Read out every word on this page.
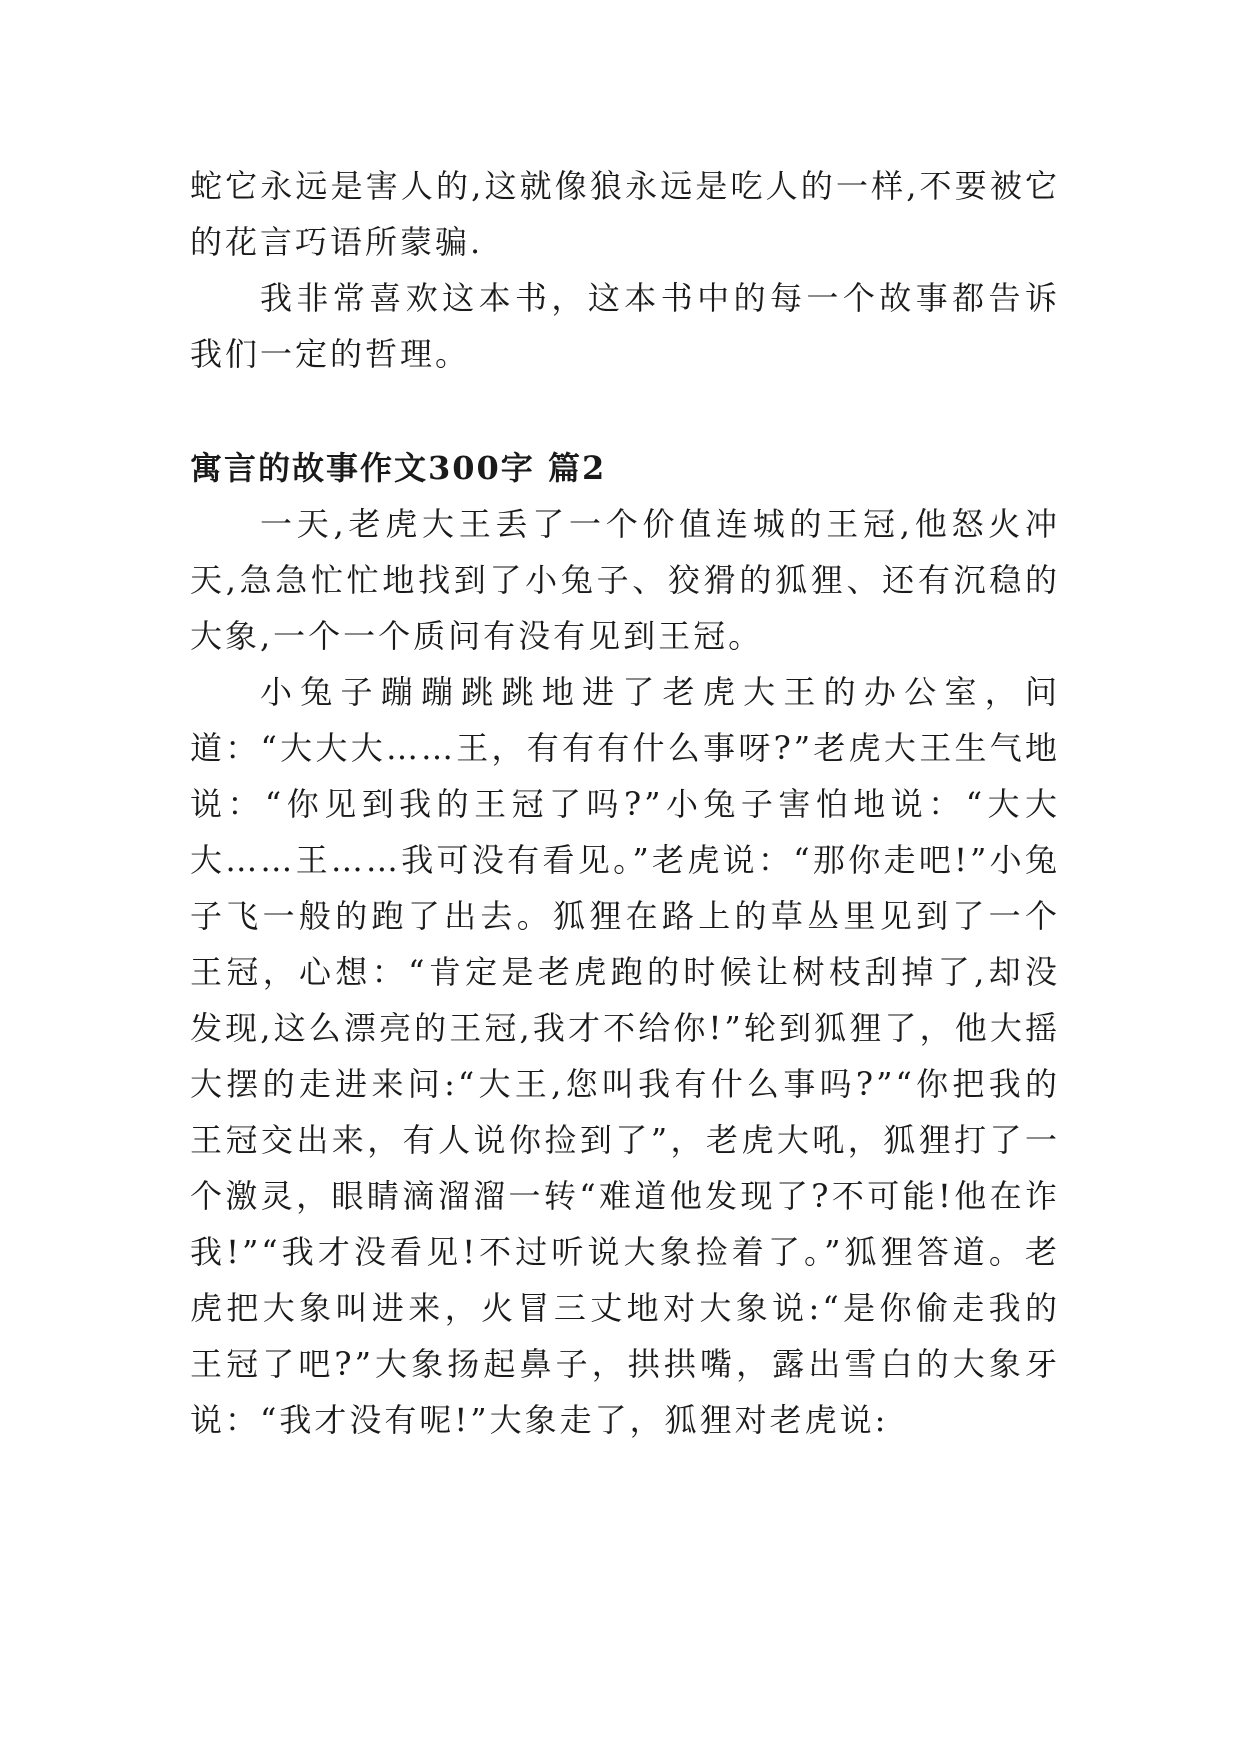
蛇它永远是害人的,这就像狼永远是吃人的一样,不要被它的花言巧语所蒙骗.

我非常喜欢这本书，这本书中的每一个故事都告诉我们一定的哲理。

寓言的故事作文300字 篇2

一天,老虎大王丢了一个价值连城的王冠,他怒火冲天,急急忙忙地找到了小兔子、狡猾的狐狸、还有沉稳的大象,一个一个质问有没有见到王冠。

小兔子蹦蹦跳跳地进了老虎大王的办公室，问道：“大大大……王，有有有什么事呀?”老虎大王生气地说：“你见到我的王冠了吗?”小兔子害怕地说：“大大大……王……我可没有看见。”老虎说：“那你走吧!”小兔子飞一般的跑了出去。狐狸在路上的草丛里见到了一个王冠，心想：“肯定是老虎跑的时候让树枝刮掉了,却没发现,这么漂亮的王冠,我才不给你!”轮到狐狸了，他大摇大摆的走进来问:“大王,您叫我有什么事吗?”“你把我的王冠交出来，有人说你捡到了”，老虎大吼，狐狸打了一个激灵，眼睛滴溜溜一转“难道他发现了?不可能!他在诈我!”“我才没看见!不过听说大象捡着了。”狐狸答道。老虎把大象叫进来，火冒三丈地对大象说:“是你偷走我的王冠了吧?”大象扬起鼻子，拱拱嘴，露出雪白的大象牙说：“我才没有呢!”大象走了，狐狸对老虎说:
